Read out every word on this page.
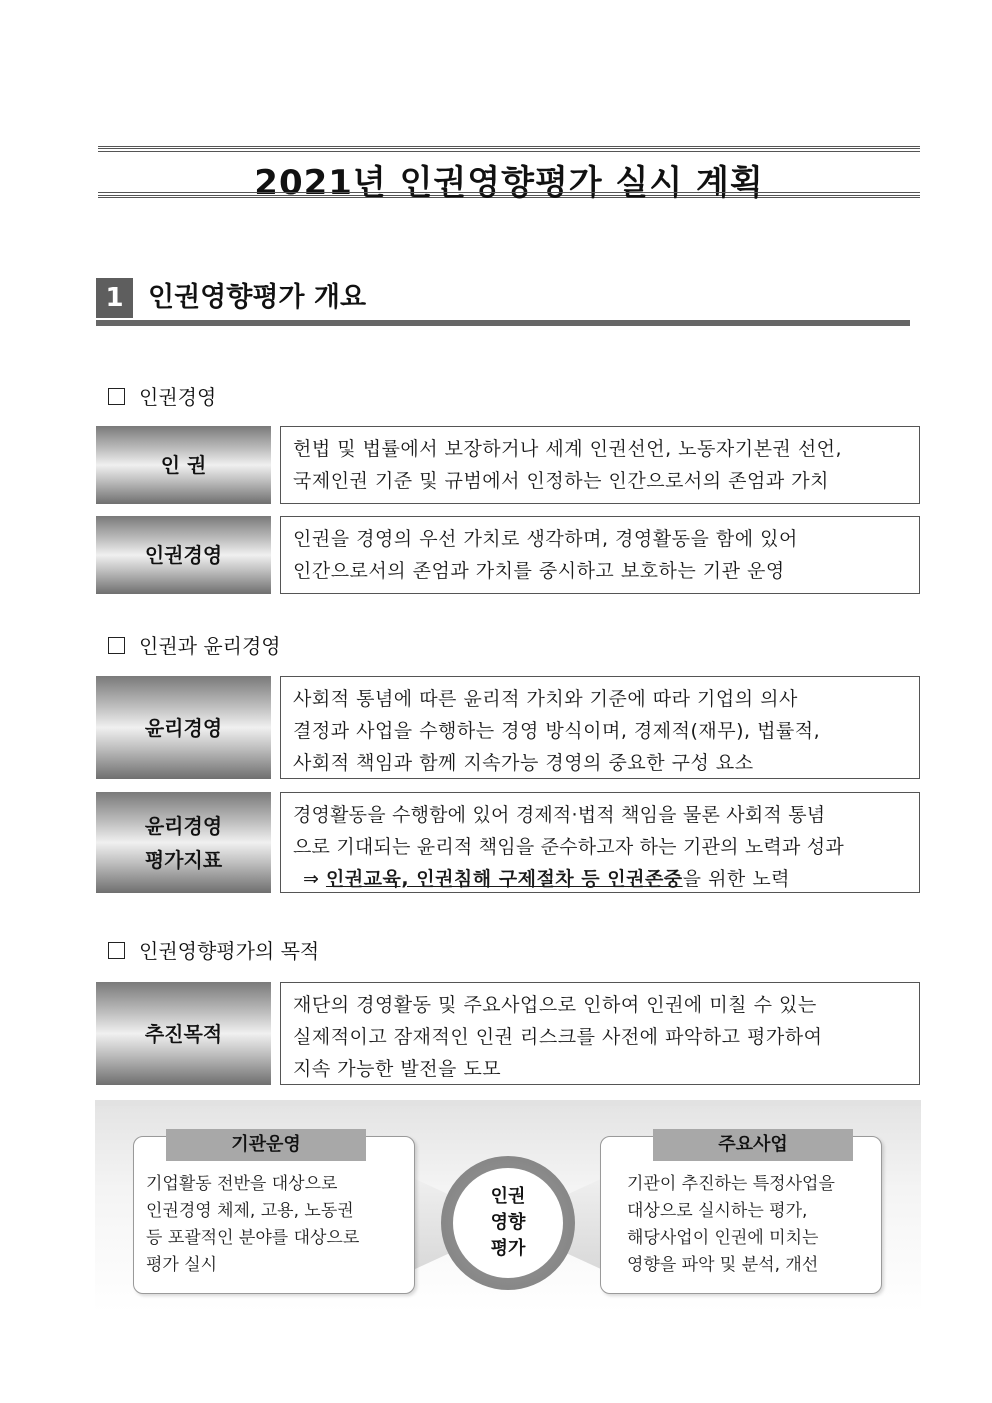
2021년 인권영향평가 실시 계획
1 인권영향평가 개요
인권경영
인 권
헌법 및 법률에서 보장하거나 세계 인권선언, 노동자기본권 선언,
국제인권 기준 및 규범에서 인정하는 인간으로서의 존엄과 가치
인권경영
인권을 경영의 우선 가치로 생각하며, 경영활동을 함에 있어
인간으로서의 존엄과 가치를 중시하고 보호하는 기관 운영
인권과 윤리경영
윤리경영
사회적 통념에 따른 윤리적 가치와 기준에 따라 기업의 의사
결정과 사업을 수행하는 경영 방식이며, 경제적(재무), 법률적,
사회적 책임과 함께 지속가능 경영의 중요한 구성 요소
윤리경영
평가지표
경영활동을 수행함에 있어 경제적·법적 책임을 물론 사회적 통념
으로 기대되는 윤리적 책임을 준수하고자 하는 기관의 노력과 성과
⇒ 인권교육, 인권침해 구제절차 등 인권존중을 위한 노력
인권영향평가의 목적
추진목적
재단의 경영활동 및 주요사업으로 인하여 인권에 미칠 수 있는
실제적이고 잠재적인 인권 리스크를 사전에 파악하고 평가하여
지속 가능한 발전을 도모
기관운영
기업활동 전반을 대상으로
인권경영 체제, 고용, 노동권
등 포괄적인 분야를 대상으로
평가 실시
인권
영향
평가
주요사업
기관이 추진하는 특정사업을
대상으로 실시하는 평가,
해당사업이 인권에 미치는
영향을 파악 및 분석, 개선
